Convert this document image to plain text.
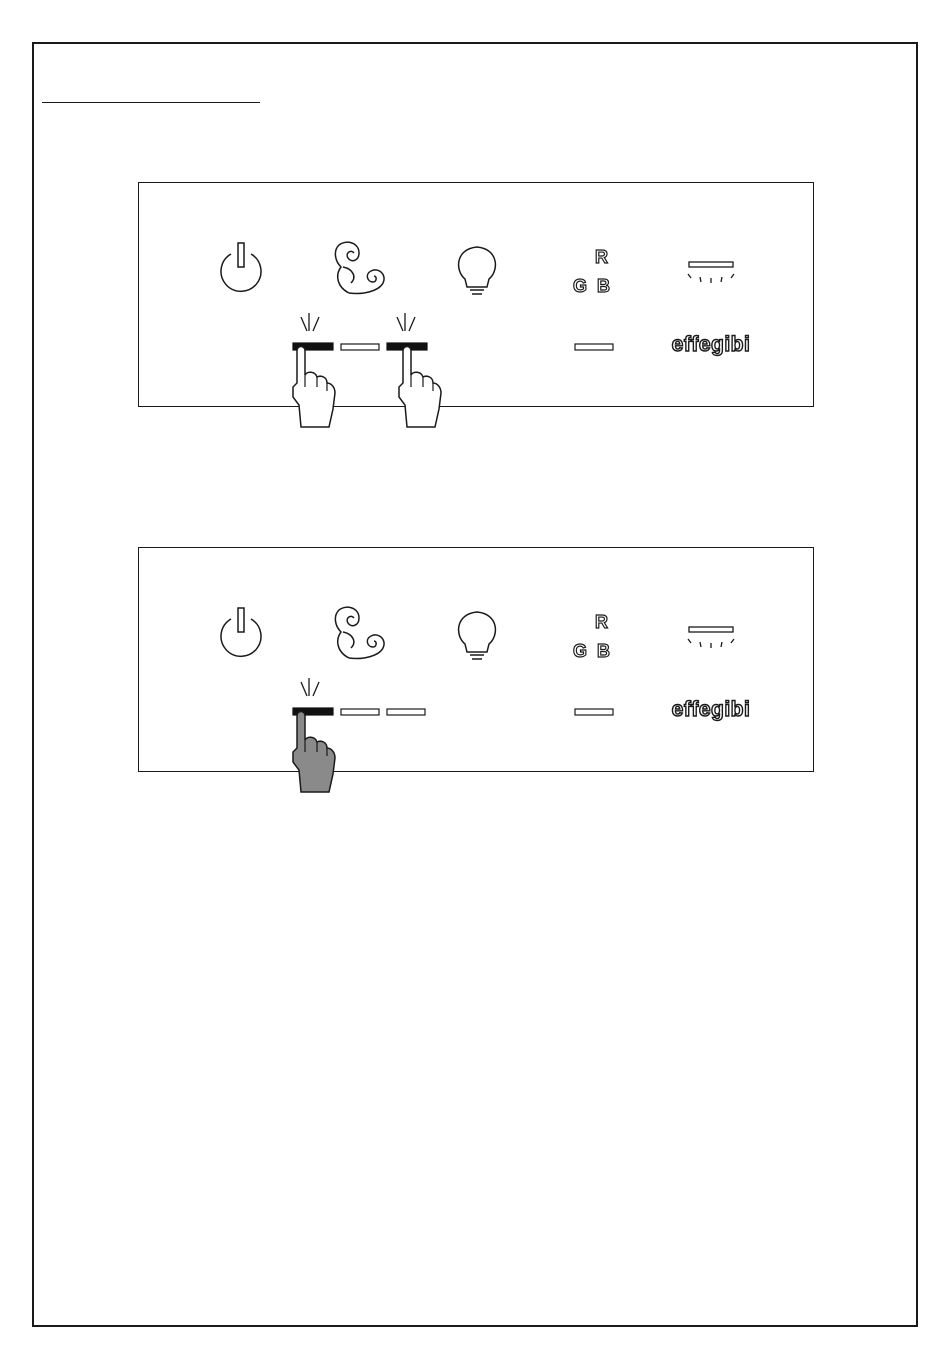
R
G B
effegibi
R
G B
effegibi
